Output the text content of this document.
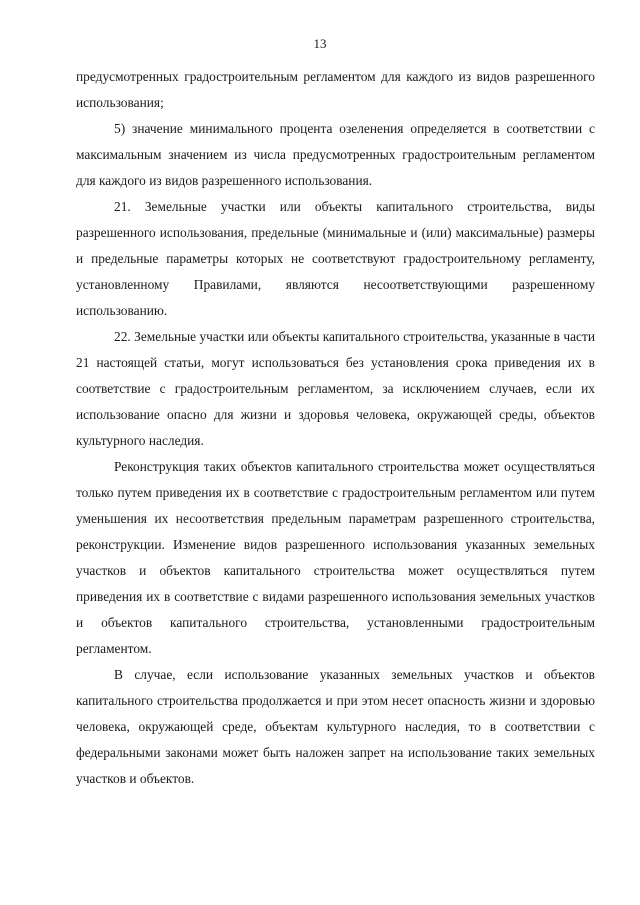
13

предусмотренных градостроительным регламентом для каждого из видов разрешенного использования;

5) значение минимального процента озеленения определяется в соответствии с максимальным значением из числа предусмотренных градостроительным регламентом для каждого из видов разрешенного использования.

21. Земельные участки или объекты капитального строительства, виды разрешенного использования, предельные (минимальные и (или) максимальные) размеры и предельные параметры которых не соответствуют градостроительному регламенту, установленному Правилами, являются несоответствующими разрешенному использованию.

22. Земельные участки или объекты капитального строительства, указанные в части 21 настоящей статьи, могут использоваться без установления срока приведения их в соответствие с градостроительным регламентом, за исключением случаев, если их использование опасно для жизни и здоровья человека, окружающей среды, объектов культурного наследия.

Реконструкция таких объектов капитального строительства может осуществляться только путем приведения их в соответствие с градостроительным регламентом или путем уменьшения их несоответствия предельным параметрам разрешенного строительства, реконструкции. Изменение видов разрешенного использования указанных земельных участков и объектов капитального строительства может осуществляться путем приведения их в соответствие с видами разрешенного использования земельных участков и объектов капитального строительства, установленными градостроительным регламентом.

В случае, если использование указанных земельных участков и объектов капитального строительства продолжается и при этом несет опасность жизни и здоровью человека, окружающей среде, объектам культурного наследия, то в соответствии с федеральными законами может быть наложен запрет на использование таких земельных участков и объектов.
